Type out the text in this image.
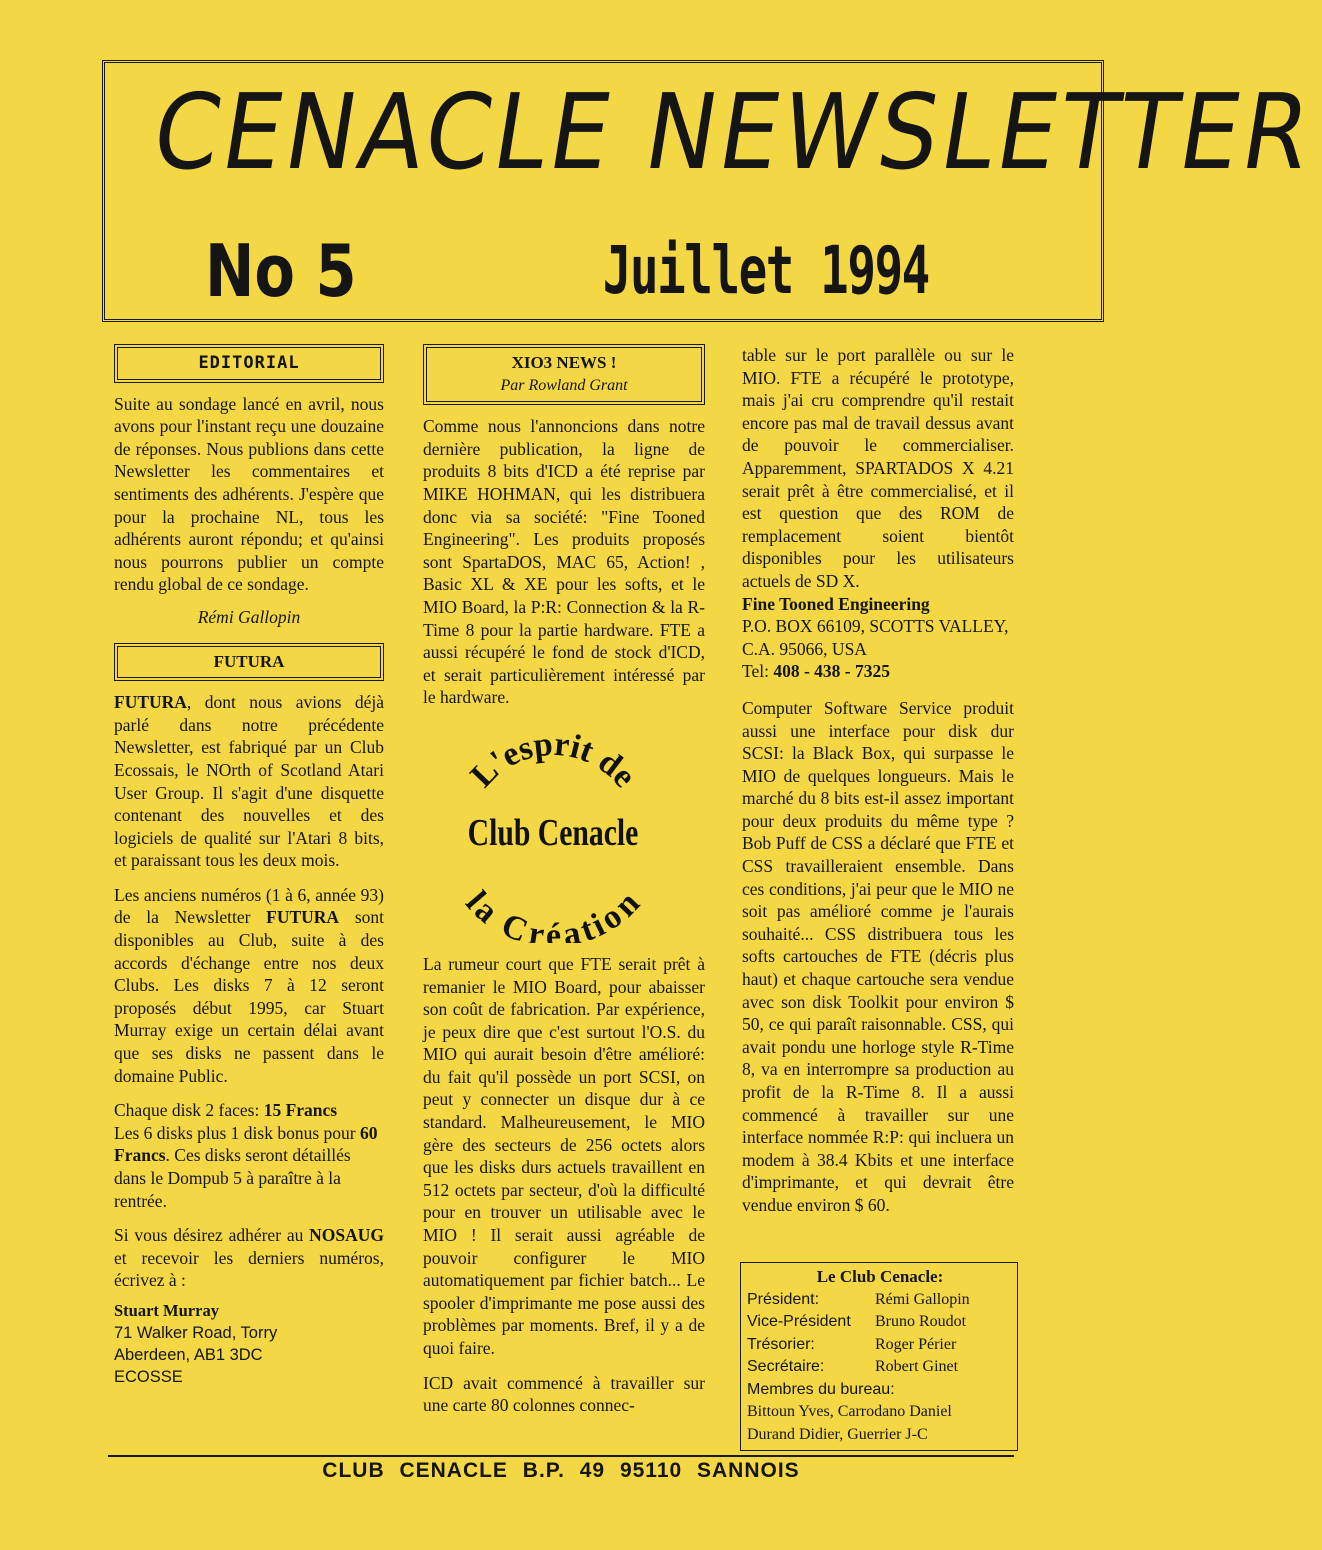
CENACLE NEWSLETTER
No 5	Juillet 1994
EDITORIAL

Suite au sondage lancé en avril, nous avons pour l'instant reçu une douzaine de réponses. Nous publions dans cette Newsletter les commentaires et sentiments des adhérents. J'espère que pour la prochaine NL, tous les adhérents auront répondu; et qu'ainsi nous pourrons publier un compte rendu global de ce sondage.

Rémi Gallopin
FUTURA

FUTURA, dont nous avions déjà parlé dans notre précédente Newsletter, est fabriqué par un Club Ecossais, le NOrth of Scotland Atari User Group. Il s'agit d'une disquette contenant des nouvelles et des logiciels de qualité sur l'Atari 8 bits, et paraissant tous les deux mois.

Les anciens numéros (1 à 6, année 93) de la Newsletter FUTURA sont disponibles au Club, suite à des accords d'échange entre nos deux Clubs. Les disks 7 à 12 seront proposés début 1995, car Stuart Murray exige un certain délai avant que ses disks ne passent dans le domaine Public.

Chaque disk 2 faces: 15 Francs
Les 6 disks plus 1 disk bonus pour 60 Francs. Ces disks seront détaillés dans le Dompub 5 à paraître à la rentrée.

Si vous désirez adhérer au NOSAUG et recevoir les derniers numéros, écrivez à :

Stuart Murray
71 Walker Road, Torry
Aberdeen, AB1 3DC
ECOSSE
XIO3 NEWS !
Par Rowland Grant

Comme nous l'annoncions dans notre dernière publication, la ligne de produits 8 bits d'ICD a été reprise par MIKE HOHMAN, qui les distribuera donc via sa société: "Fine Tooned Engineering". Les produits proposés sont SpartaDOS, MAC 65, Action! , Basic XL & XE pour les softs, et le MIO Board, la P:R: Connection & la R-Time 8 pour la partie hardware. FTE a aussi récupéré le fond de stock d'ICD, et serait particulièrement intéressé par le hardware.

L'esprit de
Club Cenacle
la Création

La rumeur court que FTE serait prêt à remanier le MIO Board, pour abaisser son coût de fabrication. Par expérience, je peux dire que c'est surtout l'O.S. du MIO qui aurait besoin d'être amélioré: du fait qu'il possède un port SCSI, on peut y connecter un disque dur à ce standard. Malheureusement, le MIO gère des secteurs de 256 octets alors que les disks durs actuels travaillent en 512 octets par secteur, d'où la difficulté pour en trouver un utilisable avec le MIO ! Il serait aussi agréable de pouvoir configurer le MIO automatiquement par fichier batch... Le spooler d'imprimante me pose aussi des problèmes par moments. Bref, il y a de quoi faire.

ICD avait commencé à travailler sur une carte 80 colonnes connec-

table sur le port parallèle ou sur le MIO. FTE a récupéré le prototype, mais j'ai cru comprendre qu'il restait encore pas mal de travail dessus avant de pouvoir le commercialiser. Apparemment, SPARTADOS X 4.21 serait prêt à être commercialisé, et il est question que des ROM de remplacement soient bientôt disponibles pour les utilisateurs actuels de SD X.

Fine Tooned Engineering
P.O. BOX 66109, SCOTTS VALLEY, C.A. 95066, USA
Tel: 408 - 438 - 7325

Computer Software Service produit aussi une interface pour disk dur SCSI: la Black Box, qui surpasse le MIO de quelques longueurs. Mais le marché du 8 bits est-il assez important pour deux produits du même type ? Bob Puff de CSS a déclaré que FTE et CSS travailleraient ensemble. Dans ces conditions, j'ai peur que le MIO ne soit pas amélioré comme je l'aurais souhaité... CSS distribuera tous les softs cartouches de FTE (décris plus haut) et chaque cartouche sera vendue avec son disk Toolkit pour environ $ 50, ce qui paraît raisonnable. CSS, qui avait pondu une horloge style R-Time 8, va en interrompre sa production au profit de la R-Time 8. Il a aussi commencé à travailler sur une interface nommée R:P: qui incluera un modem à 38.4 Kbits et une interface d'imprimante, et qui devrait être vendue environ $ 60.

Le Club Cenacle:
Président:	Rémi Gallopin
Vice-Président	Bruno Roudot
Trésorier:	Roger Périer
Secrétaire:	Robert Ginet
Membres du bureau:
Bittoun Yves, Carrodano Daniel
Durand Didier, Guerrier J-C
CLUB CENACLE B.P. 49 95110 SANNOIS
